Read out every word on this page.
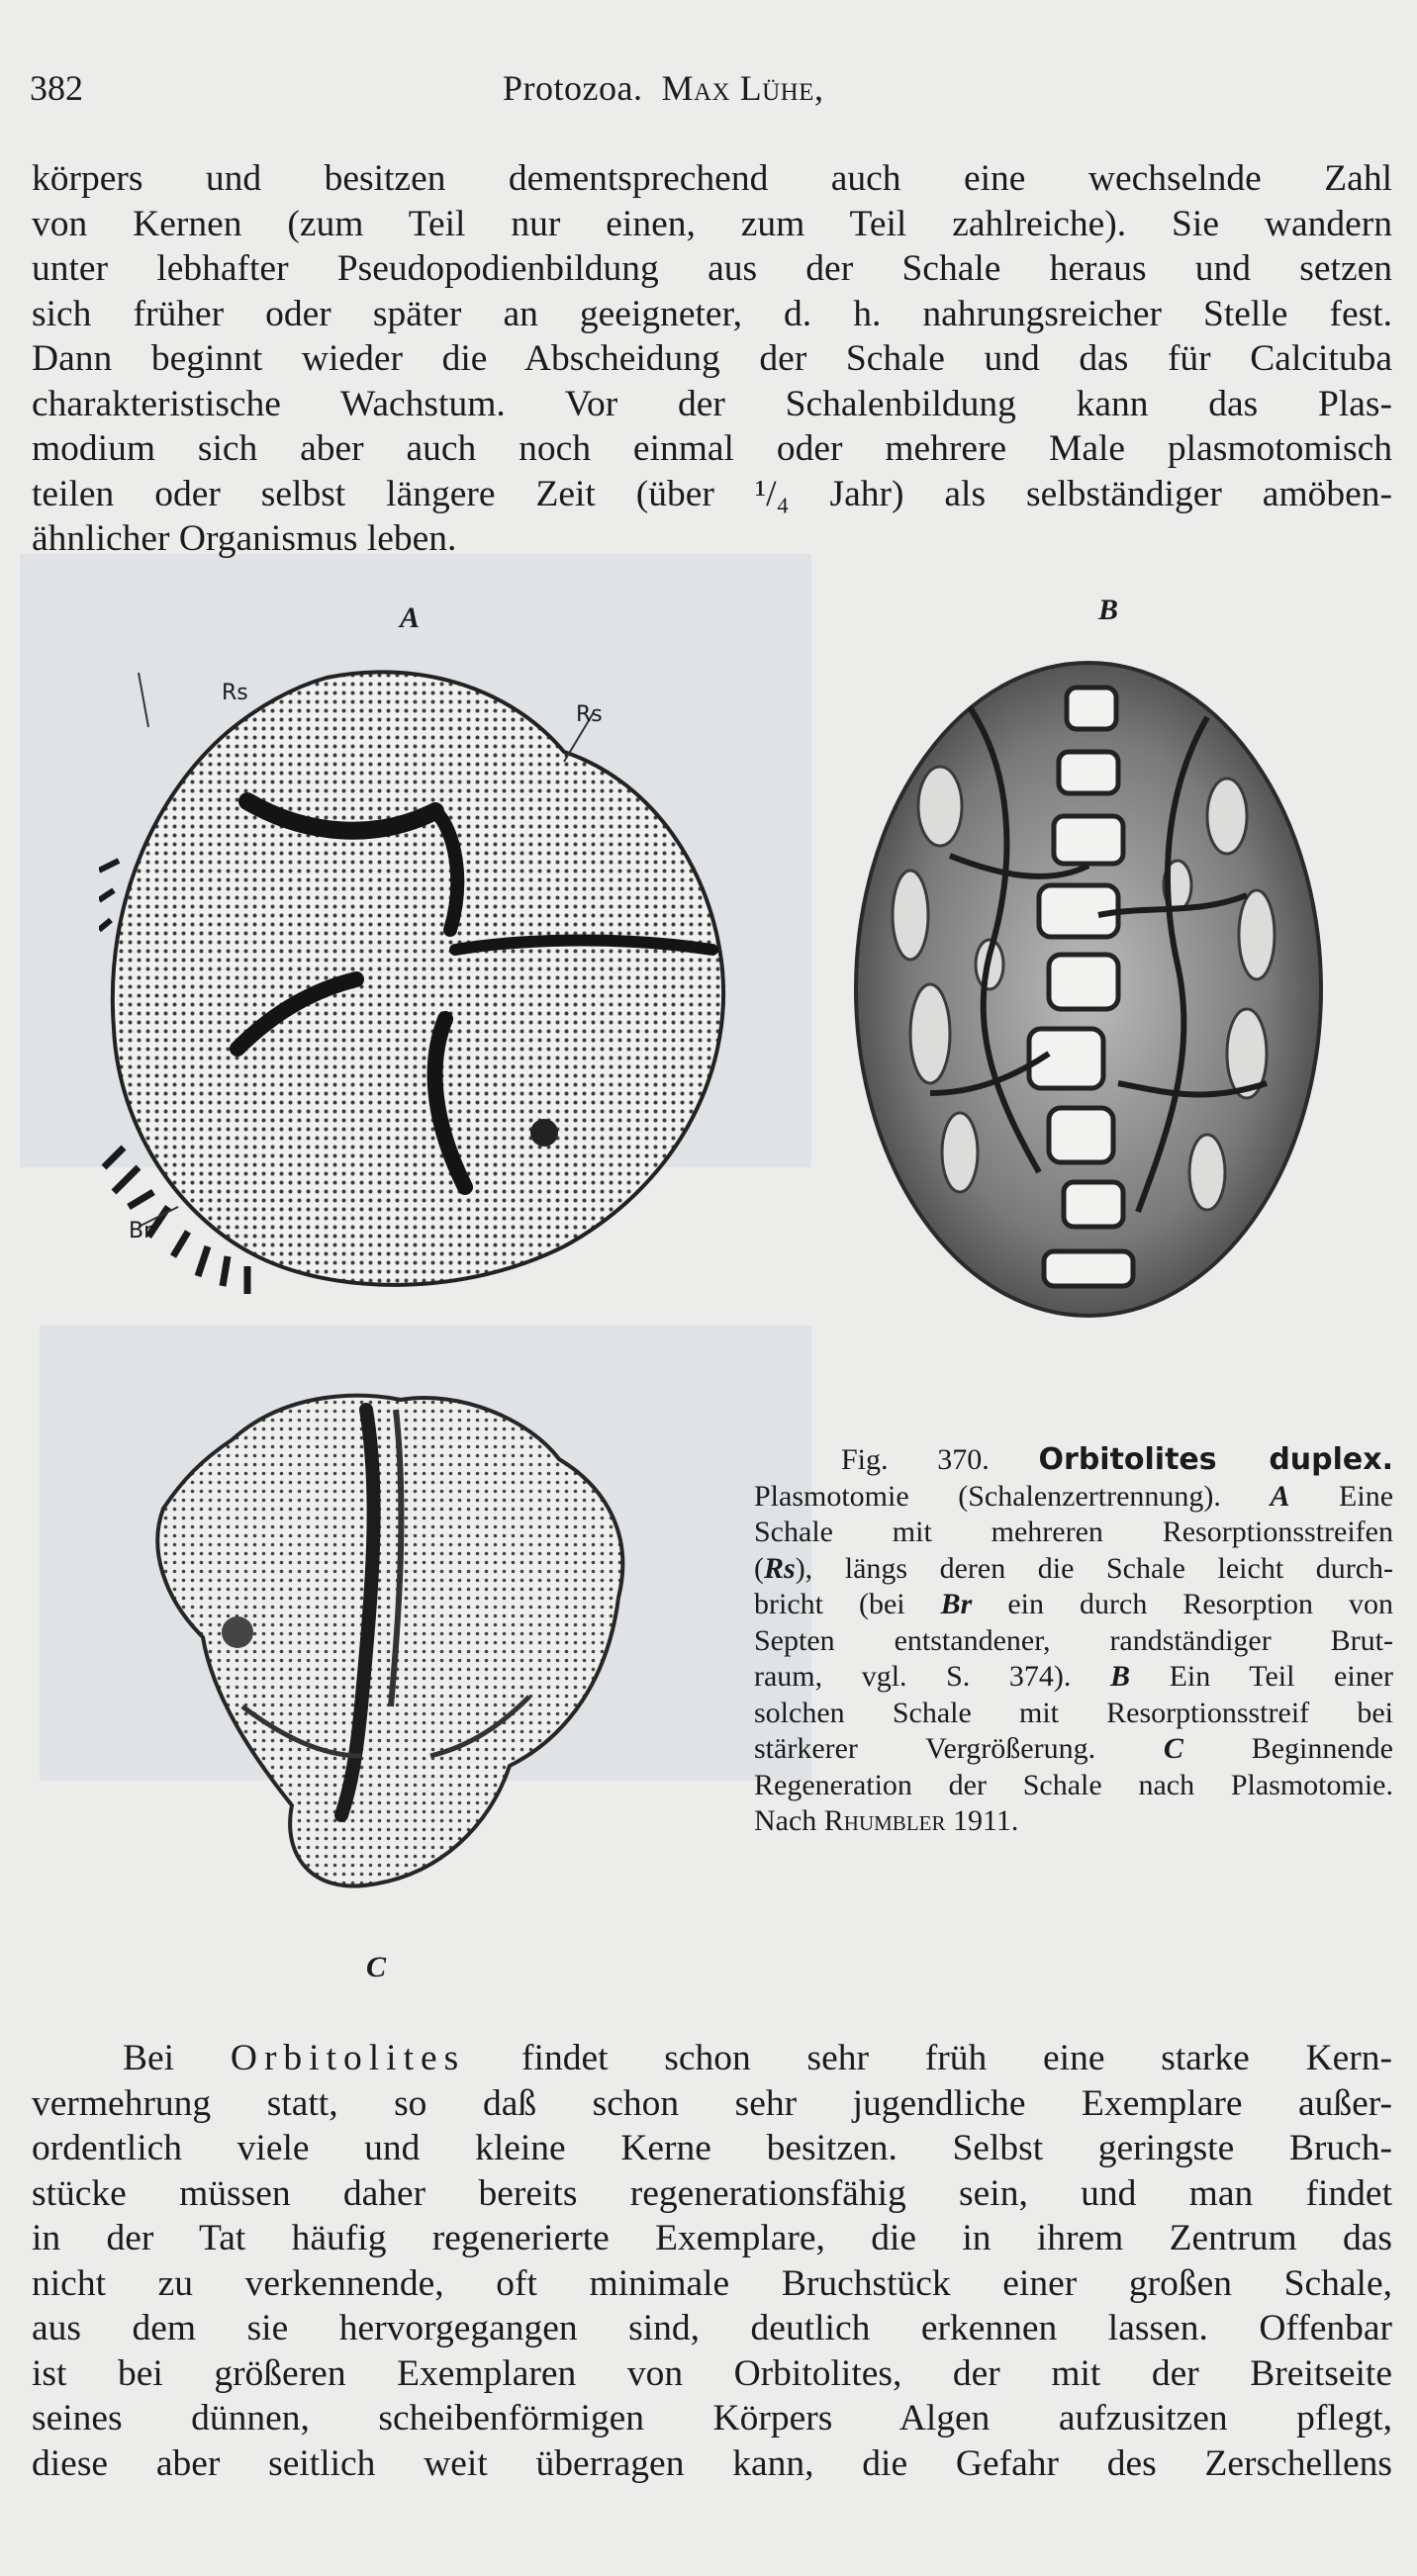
382	Protozoa. Max Lühe,
körpers und besitzen dementsprechend auch eine wechselnde Zahl
von Kernen (zum Teil nur einen, zum Teil zahlreiche). Sie wandern
unter lebhafter Pseudopodienbildung aus der Schale heraus und setzen
sich früher oder später an geeigneter, d. h. nahrungsreicher Stelle fest.
Dann beginnt wieder die Abscheidung der Schale und das für Calcituba
charakteristische Wachstum. Vor der Schalenbildung kann das Plas-
modium sich aber auch noch einmal oder mehrere Male plasmotomisch
teilen oder selbst längere Zeit (über ¹/₄ Jahr) als selbständiger amöben-
ähnlicher Organismus leben.
A
Rs
Rs
Br
B
C
Fig. 370. Orbitolites duplex.
Plasmotomie (Schalenzertrennung). A Eine
Schale mit mehreren Resorptionsstreifen
(Rs), längs deren die Schale leicht durch-
bricht (bei Br ein durch Resorption von
Septen entstandener, randständiger Brut-
raum, vgl. S. 374). B Ein Teil einer
solchen Schale mit Resorptionsstreif bei
stärkerer Vergrößerung. C Beginnende
Regeneration der Schale nach Plasmotomie.
Nach Rhumbler 1911.
Bei Orbitolites findet schon sehr früh eine starke Kern-
vermehrung statt, so daß schon sehr jugendliche Exemplare außer-
ordentlich viele und kleine Kerne besitzen. Selbst geringste Bruch-
stücke müssen daher bereits regenerationsfähig sein, und man findet
in der Tat häufig regenerierte Exemplare, die in ihrem Zentrum das
nicht zu verkennende, oft minimale Bruchstück einer großen Schale,
aus dem sie hervorgegangen sind, deutlich erkennen lassen. Offenbar
ist bei größeren Exemplaren von Orbitolites, der mit der Breitseite
seines dünnen, scheibenförmigen Körpers Algen aufzusitzen pflegt,
diese aber seitlich weit überragen kann, die Gefahr des Zerschellens
